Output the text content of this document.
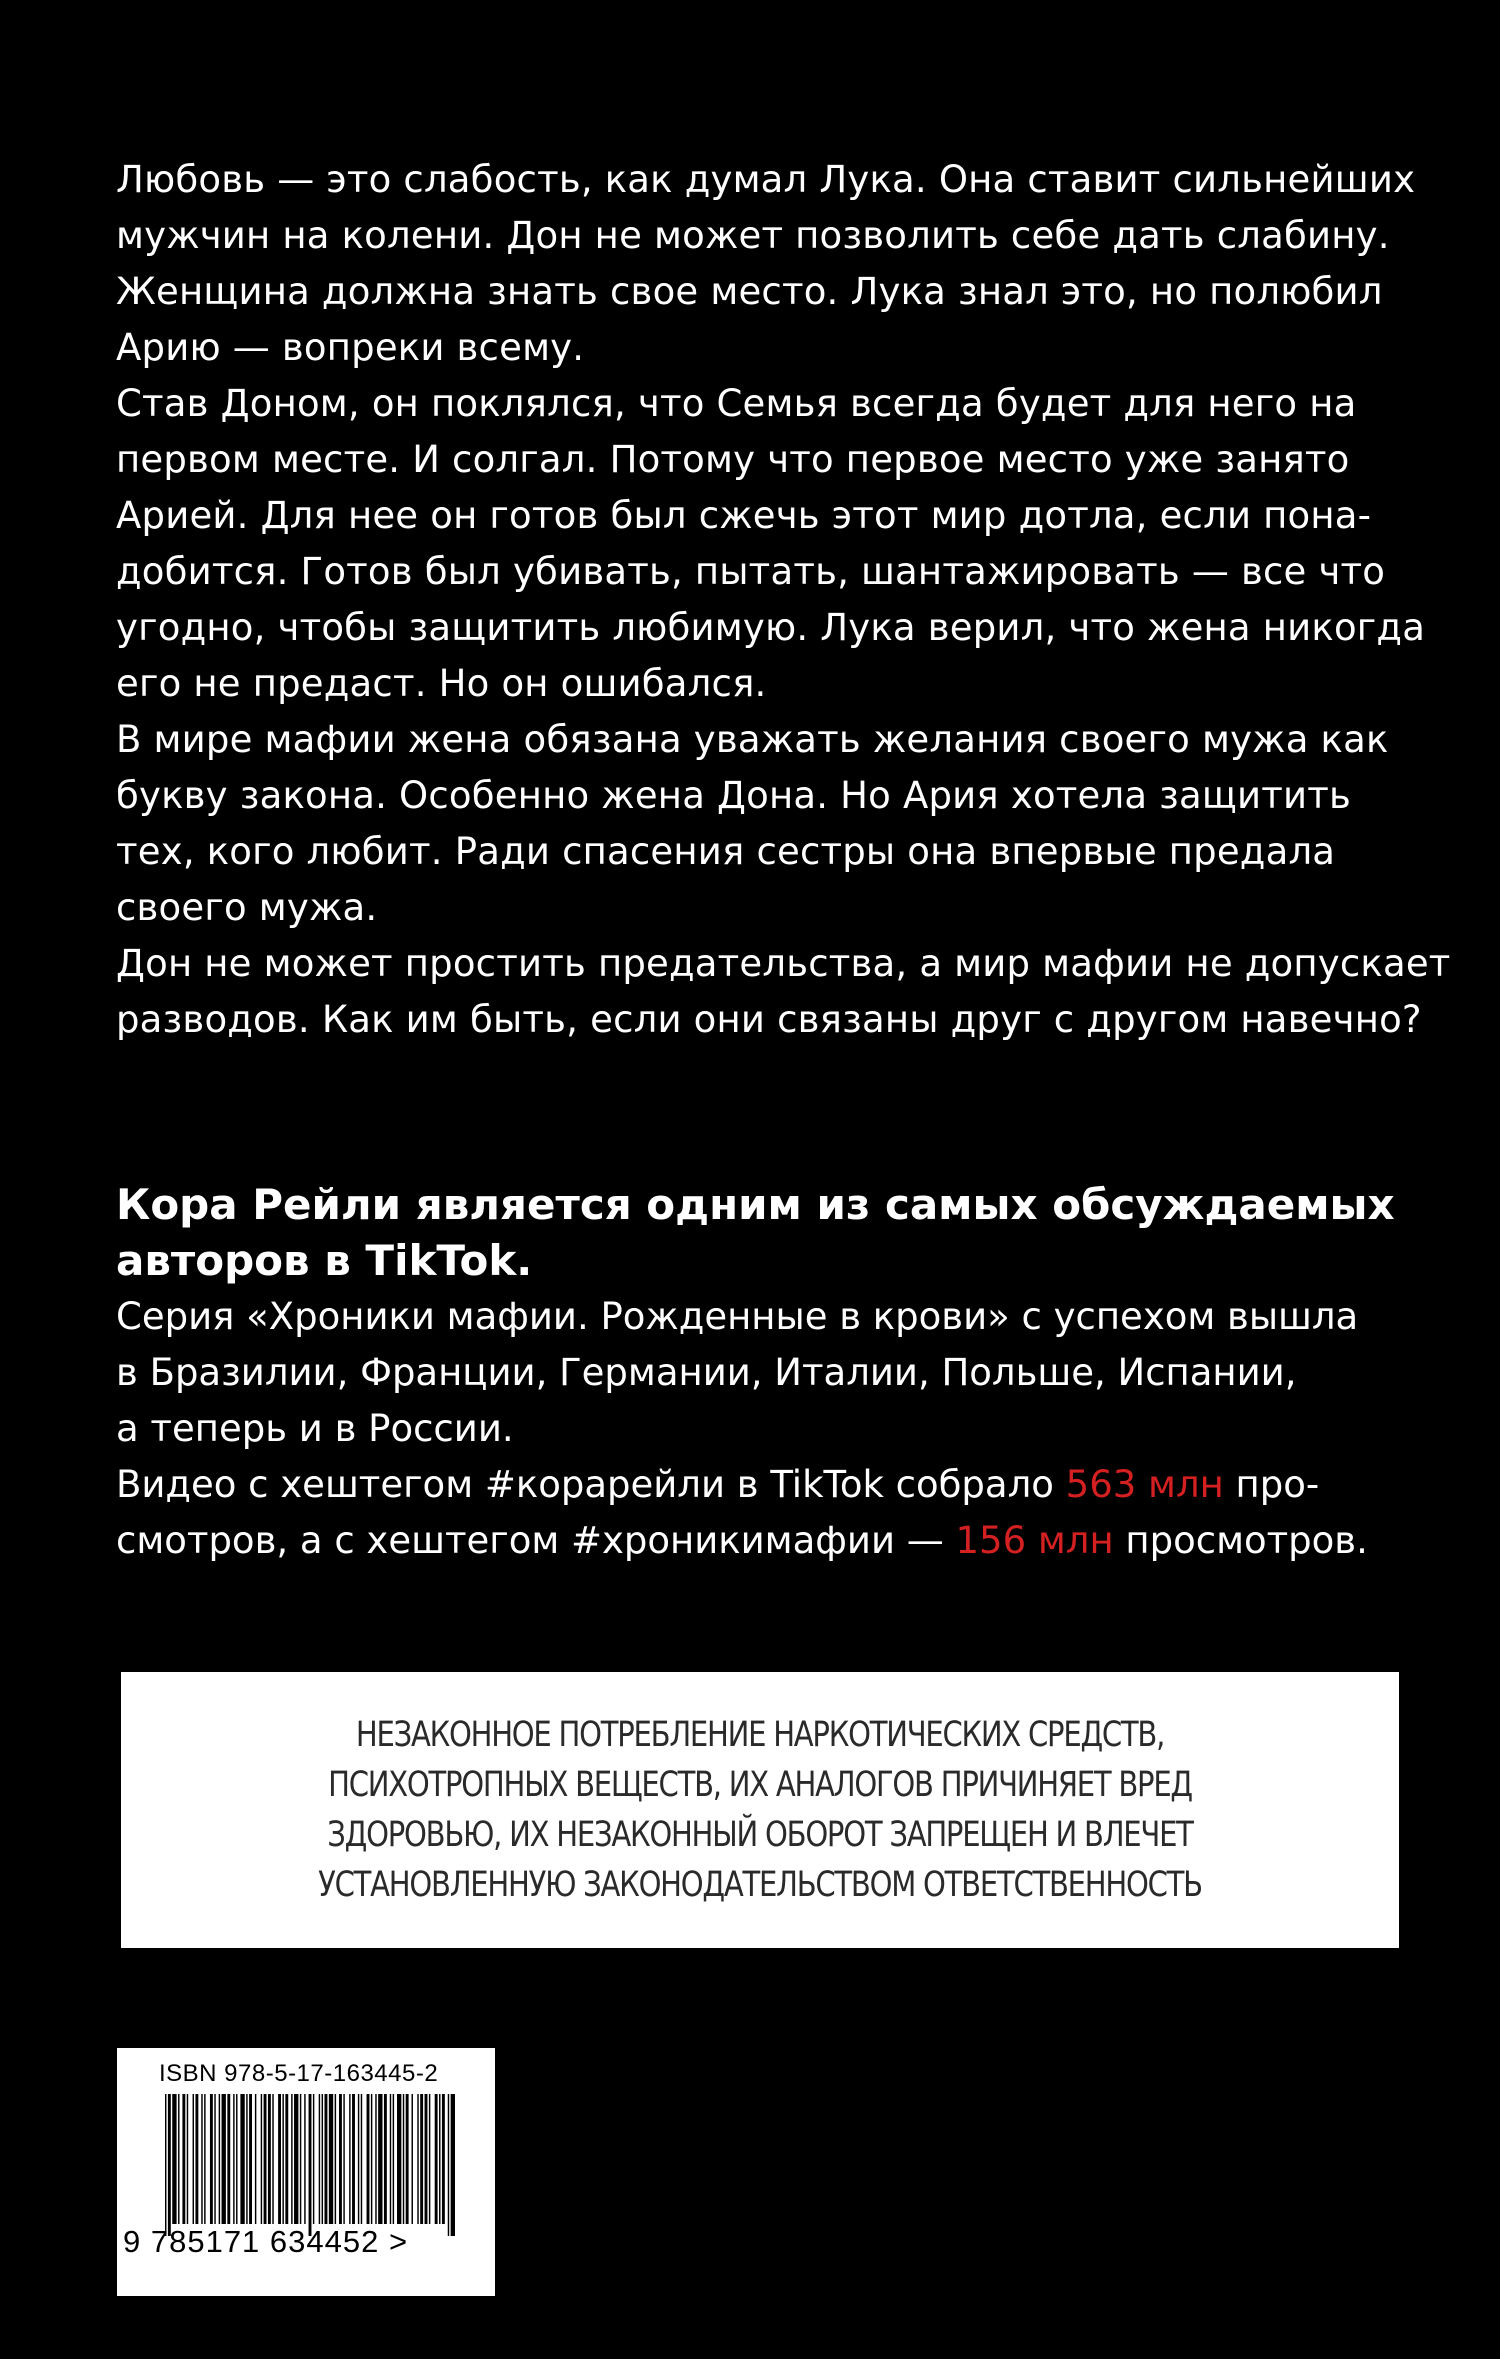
Любовь — это слабость, как думал Лука. Она ставит сильнейших
мужчин на колени. Дон не может позволить себе дать слабину.
Женщина должна знать свое место. Лука знал это, но полюбил
Арию — вопреки всему.
Став Доном, он поклялся, что Семья всегда будет для него на
первом месте. И солгал. Потому что первое место уже занято
Арией. Для нее он готов был сжечь этот мир дотла, если пона-
добится. Готов был убивать, пытать, шантажировать — все что
угодно, чтобы защитить любимую. Лука верил, что жена никогда
его не предаст. Но он ошибался.
В мире мафии жена обязана уважать желания своего мужа как
букву закона. Особенно жена Дона. Но Ария хотела защитить
тех, кого любит. Ради спасения сестры она впервые предала
своего мужа.
Дон не может простить предательства, а мир мафии не допускает
разводов. Как им быть, если они связаны друг с другом навечно?
Кора Рейли является одним из самых обсуждаемых
авторов в TikTok.
Серия «Хроники мафии. Рожденные в крови» с успехом вышла
в Бразилии, Франции, Германии, Италии, Польше, Испании,
а теперь и в России.
Видео с хештегом #корарейли в TikTok собрало 563 млн про-
смотров, а с хештегом #хроникимафии — 156 млн просмотров.
НЕЗАКОННОЕ ПОТРЕБЛЕНИЕ НАРКОТИЧЕСКИХ СРЕДСТВ,
ПСИХОТРОПНЫХ ВЕЩЕСТВ, ИХ АНАЛОГОВ ПРИЧИНЯЕТ ВРЕД
ЗДОРОВЬЮ, ИХ НЕЗАКОННЫЙ ОБОРОТ ЗАПРЕЩЕН И ВЛЕЧЕТ
УСТАНОВЛЕННУЮ ЗАКОНОДАТЕЛЬСТВОМ ОТВЕТСТВЕННОСТЬ
ISBN 978-5-17-163445-2
9 785171 634452 >
